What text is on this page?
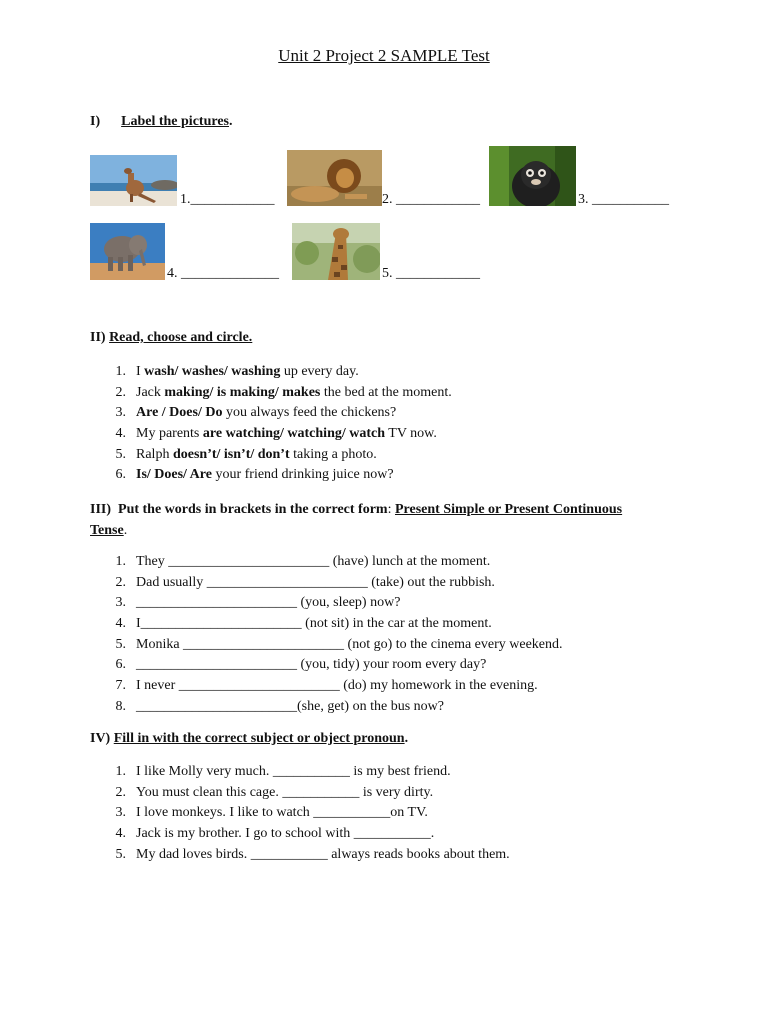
Unit 2 Project 2 SAMPLE Test
I) Label the pictures.
1.____________	2. ____________	3. ___________
4. ______________	5. ____________
II) Read, choose and circle.
1. I wash/ washes/ washing up every day.
2. Jack making/ is making/ makes the bed at the moment.
3. Are / Does/ Do you always feed the chickens?
4. My parents are watching/ watching/ watch TV now.
5. Ralph doesn’t/ isn’t/ don’t taking a photo.
6. Is/ Does/ Are your friend drinking juice now?
III) Put the words in brackets in the correct form: Present Simple or Present Continuous
Tense.
1. They _______________________ (have) lunch at the moment.
2. Dad usually _______________________ (take) out the rubbish.
3. _______________________ (you, sleep) now?
4. I_______________________ (not sit) in the car at the moment.
5. Monika _______________________ (not go) to the cinema every weekend.
6. _______________________ (you, tidy) your room every day?
7. I never _______________________ (do) my homework in the evening.
8. _______________________(she, get) on the bus now?
IV) Fill in with the correct subject or object pronoun.
1. I like Molly very much. ___________ is my best friend.
2. You must clean this cage. ___________ is very dirty.
3. I love monkeys. I like to watch ___________on TV.
4. Jack is my brother. I go to school with ___________.
5. My dad loves birds. ___________ always reads books about them.
